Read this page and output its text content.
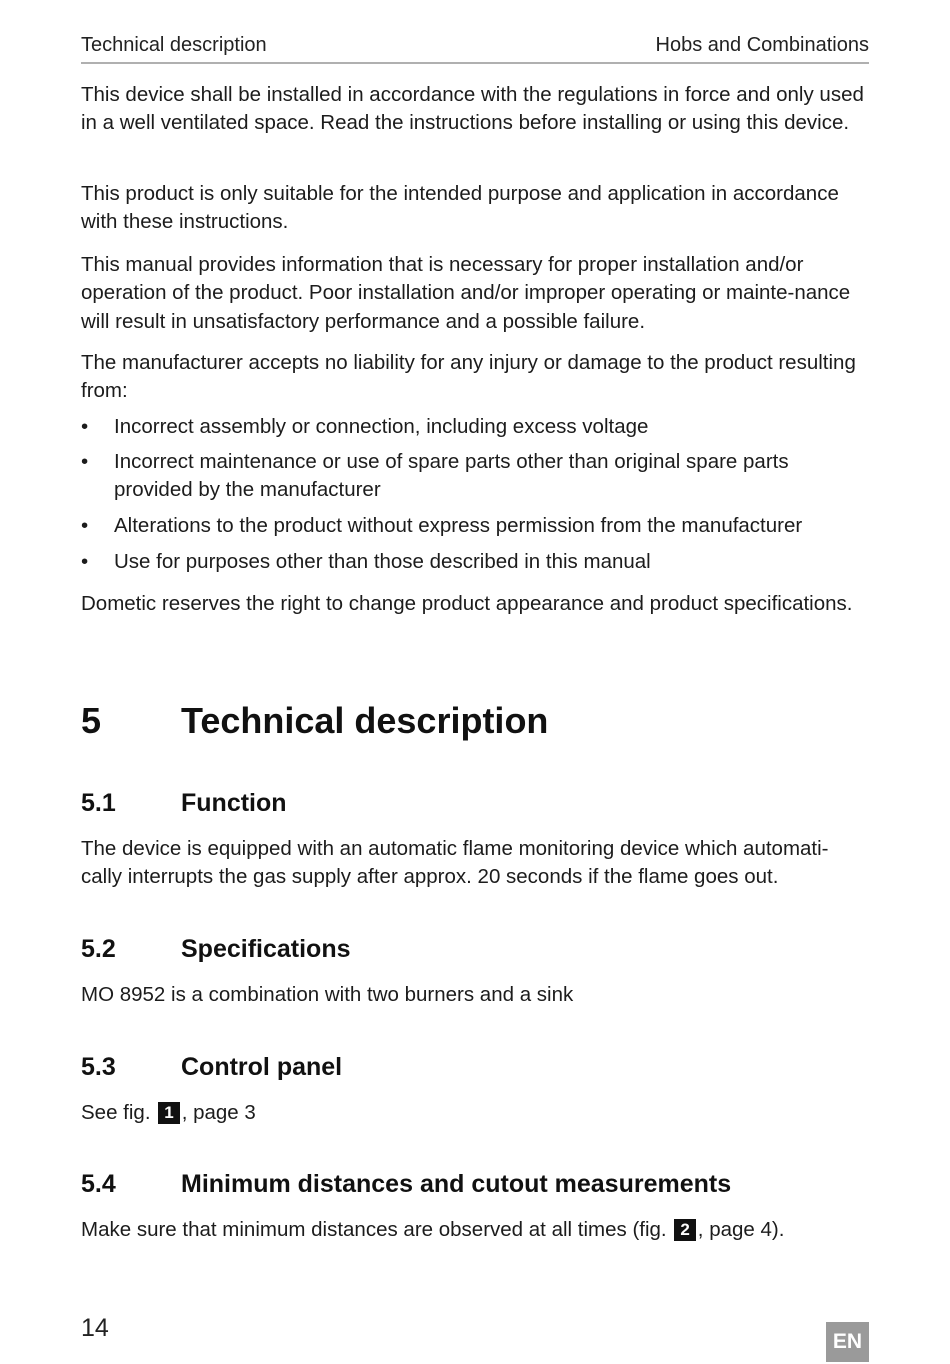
Technical description	Hobs and Combinations

This device shall be installed in accordance with the regulations in force and only used in a well ventilated space. Read the instructions before installing or using this device.

This product is only suitable for the intended purpose and application in accordance with these instructions.

This manual provides information that is necessary for proper installation and/or operation of the product. Poor installation and/or improper operating or mainte-nance will result in unsatisfactory performance and a possible failure.

The manufacturer accepts no liability for any injury or damage to the product resulting from:

•	Incorrect assembly or connection, including excess voltage
•	Incorrect maintenance or use of spare parts other than original spare parts provided by the manufacturer
•	Alterations to the product without express permission from the manufacturer
•	Use for purposes other than those described in this manual

Dometic reserves the right to change product appearance and product specifications.

5 Technical description
5.1	Function

The device is equipped with an automatic flame monitoring device which automati-cally interrupts the gas supply after approx. 20 seconds if the flame goes out.

5.2	Specifications

MO 8952 is a combination with two burners and a sink

5.3	Control panel

See fig. 1 , page 3

5.4	Minimum distances and cutout measurements

Make sure that minimum distances are observed at all times (fig. 2 , page 4).

14	EN
